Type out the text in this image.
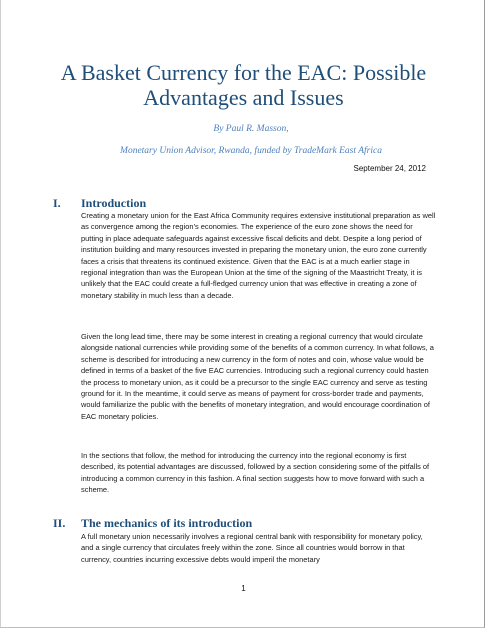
A Basket Currency for the EAC: Possible Advantages and Issues

By Paul R. Masson,

Monetary Union Advisor, Rwanda, funded by TradeMark East Africa

September 24, 2012

I. Introduction

Creating a monetary union for the East Africa Community requires extensive institutional preparation as well as convergence among the region’s economies. The experience of the euro zone shows the need for putting in place adequate safeguards against excessive fiscal deficits and debt. Despite a long period of institution building and many resources invested in preparing the monetary union, the euro zone currently faces a crisis that threatens its continued existence. Given that the EAC is at a much earlier stage in regional integration than was the European Union at the time of the signing of the Maastricht Treaty, it is unlikely that the EAC could create a full-fledged currency union that was effective in creating a zone of monetary stability in much less than a decade.

Given the long lead time, there may be some interest in creating a regional currency that would circulate alongside national currencies while providing some of the benefits of a common currency. In what follows, a scheme is described for introducing a new currency in the form of notes and coin, whose value would be defined in terms of a basket of the five EAC currencies. Introducing such a regional currency could hasten the process to monetary union, as it could be a precursor to the single EAC currency and serve as testing ground for it. In the meantime, it could serve as means of payment for cross-border trade and payments, would familiarize the public with the benefits of monetary integration, and would encourage coordination of EAC monetary policies.

In the sections that follow, the method for introducing the currency into the regional economy is first described, its potential advantages are discussed, followed by a section considering some of the pitfalls of introducing a common currency in this fashion. A final section suggests how to move forward with such a scheme.

II. The mechanics of its introduction

A full monetary union necessarily involves a regional central bank with responsibility for monetary policy, and a single currency that circulates freely within the zone. Since all countries would borrow in that currency, countries incurring excessive debts would imperil the monetary

1
